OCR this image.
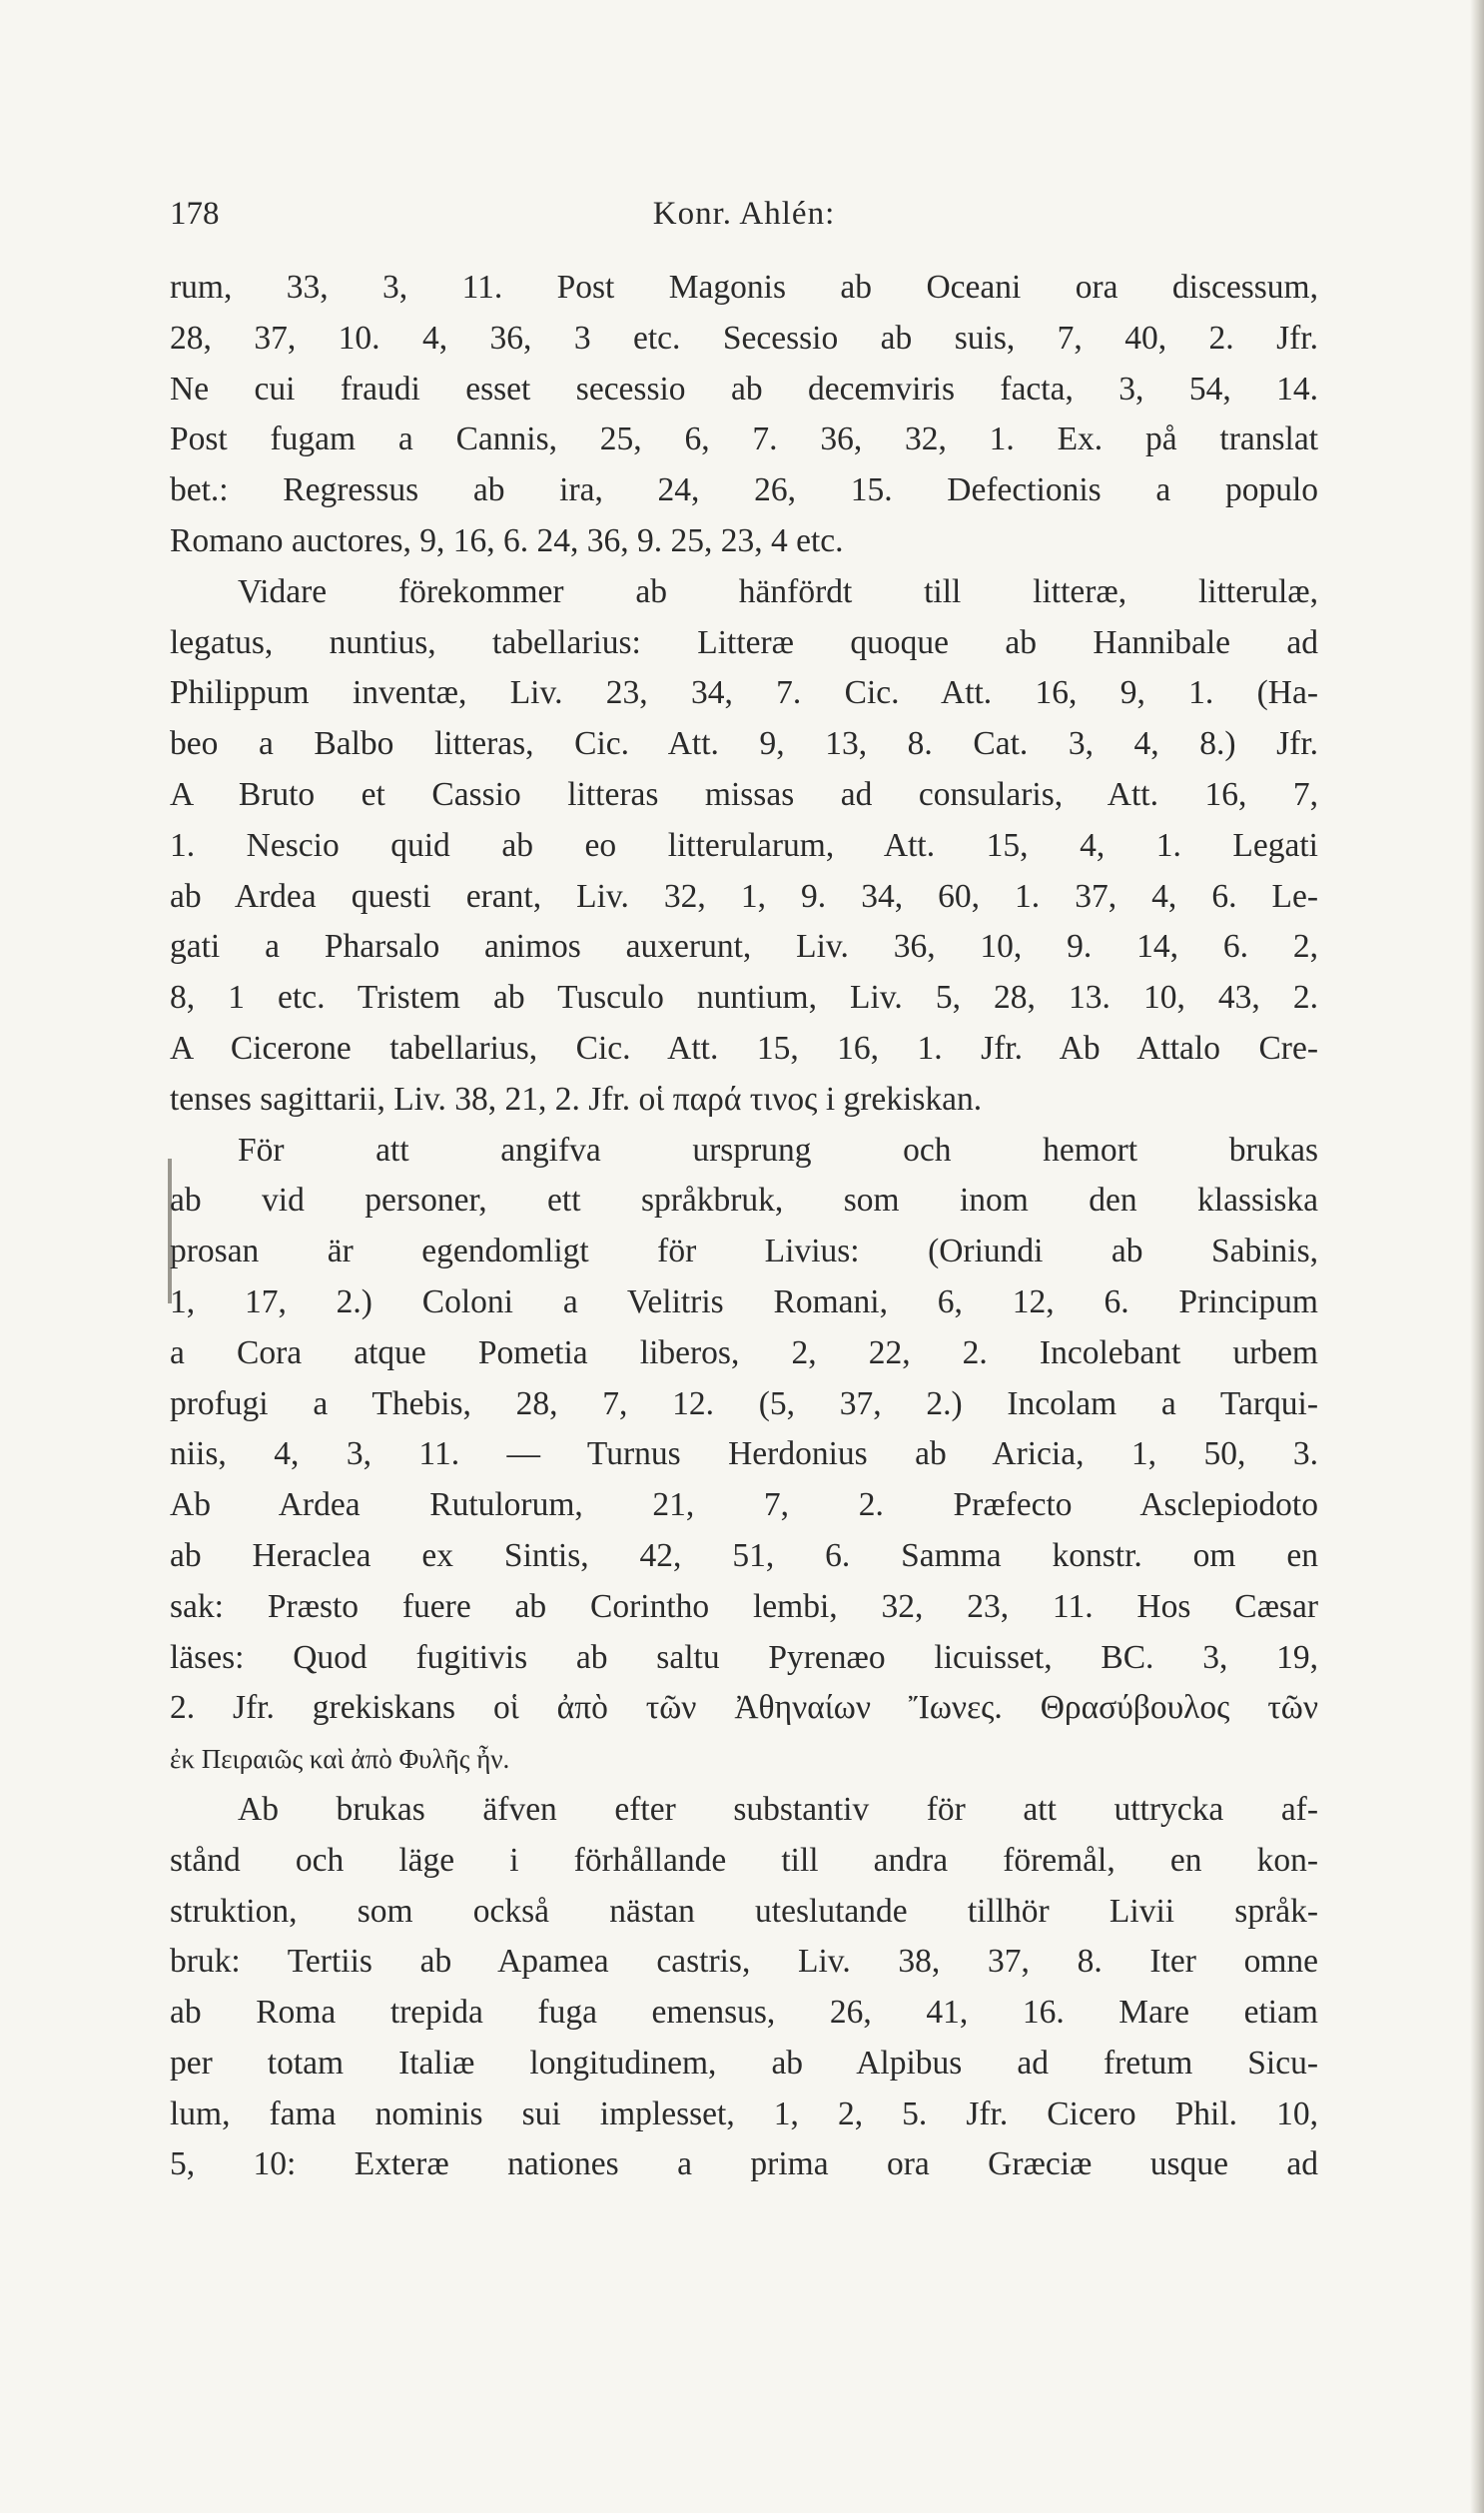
178	Konr. Ahlén:
rum, 33, 3, 11. Post Magonis ab Oceani ora discessum,
28, 37, 10. 4, 36, 3 etc. Secessio ab suis, 7, 40, 2. Jfr.
Ne cui fraudi esset secessio ab decemviris facta, 3, 54, 14.
Post fugam a Cannis, 25, 6, 7. 36, 32, 1. Ex. på translat
bet.: Regressus ab ira, 24, 26, 15. Defectionis a populo
Romano auctores, 9, 16, 6. 24, 36, 9. 25, 23, 4 etc.
Vidare förekommer ab hänfördt till litteræ, litterulæ,
legatus, nuntius, tabellarius: Litteræ quoque ab Hannibale ad
Philippum inventæ, Liv. 23, 34, 7. Cic. Att. 16, 9, 1. (Ha-
beo a Balbo litteras, Cic. Att. 9, 13, 8. Cat. 3, 4, 8.) Jfr.
A Bruto et Cassio litteras missas ad consularis, Att. 16, 7,
1. Nescio quid ab eo litterularum, Att. 15, 4, 1. Legati
ab Ardea questi erant, Liv. 32, 1, 9. 34, 60, 1. 37, 4, 6. Le-
gati a Pharsalo animos auxerunt, Liv. 36, 10, 9. 14, 6. 2,
8, 1 etc. Tristem ab Tusculo nuntium, Liv. 5, 28, 13. 10, 43, 2.
A Cicerone tabellarius, Cic. Att. 15, 16, 1. Jfr. Ab Attalo Cre-
tenses sagittarii, Liv. 38, 21, 2. Jfr. οἱ παρά τινος i grekiskan.
För att angifva ursprung och hemort brukas
ab vid personer, ett språkbruk, som inom den klassiska
prosan är egendomligt för Livius: (Oriundi ab Sabinis,
1, 17, 2.) Coloni a Velitris Romani, 6, 12, 6. Principum
a Cora atque Pometia liberos, 2, 22, 2. Incolebant urbem
profugi a Thebis, 28, 7, 12. (5, 37, 2.) Incolam a Tarqui-
niis, 4, 3, 11. — Turnus Herdonius ab Aricia, 1, 50, 3.
Ab Ardea Rutulorum, 21, 7, 2. Præfecto Asclepiodoto
ab Heraclea ex Sintis, 42, 51, 6. Samma konstr. om en
sak: Præsto fuere ab Corintho lembi, 32, 23, 11. Hos Cæsar
läses: Quod fugitivis ab saltu Pyrenæo licuisset, BC. 3, 19,
2. Jfr. grekiskans οἱ ἀπὸ τῶν Ἀθηναίων Ἴωνες. Θρασύβουλος τῶν
ἐκ Πειραιῶς καὶ ἀπὸ Φυλῆς ἦν.
Ab brukas äfven efter substantiv för att uttrycka af-
stånd och läge i förhållande till andra föremål, en kon-
struktion, som också nästan uteslutande tillhör Livii språk-
bruk: Tertiis ab Apamea castris, Liv. 38, 37, 8. Iter omne
ab Roma trepida fuga emensus, 26, 41, 16. Mare etiam
per totam Italiæ longitudinem, ab Alpibus ad fretum Sicu-
lum, fama nominis sui implesset, 1, 2, 5. Jfr. Cicero Phil. 10,
5, 10: Exteræ nationes a prima ora Græciæ usque ad
